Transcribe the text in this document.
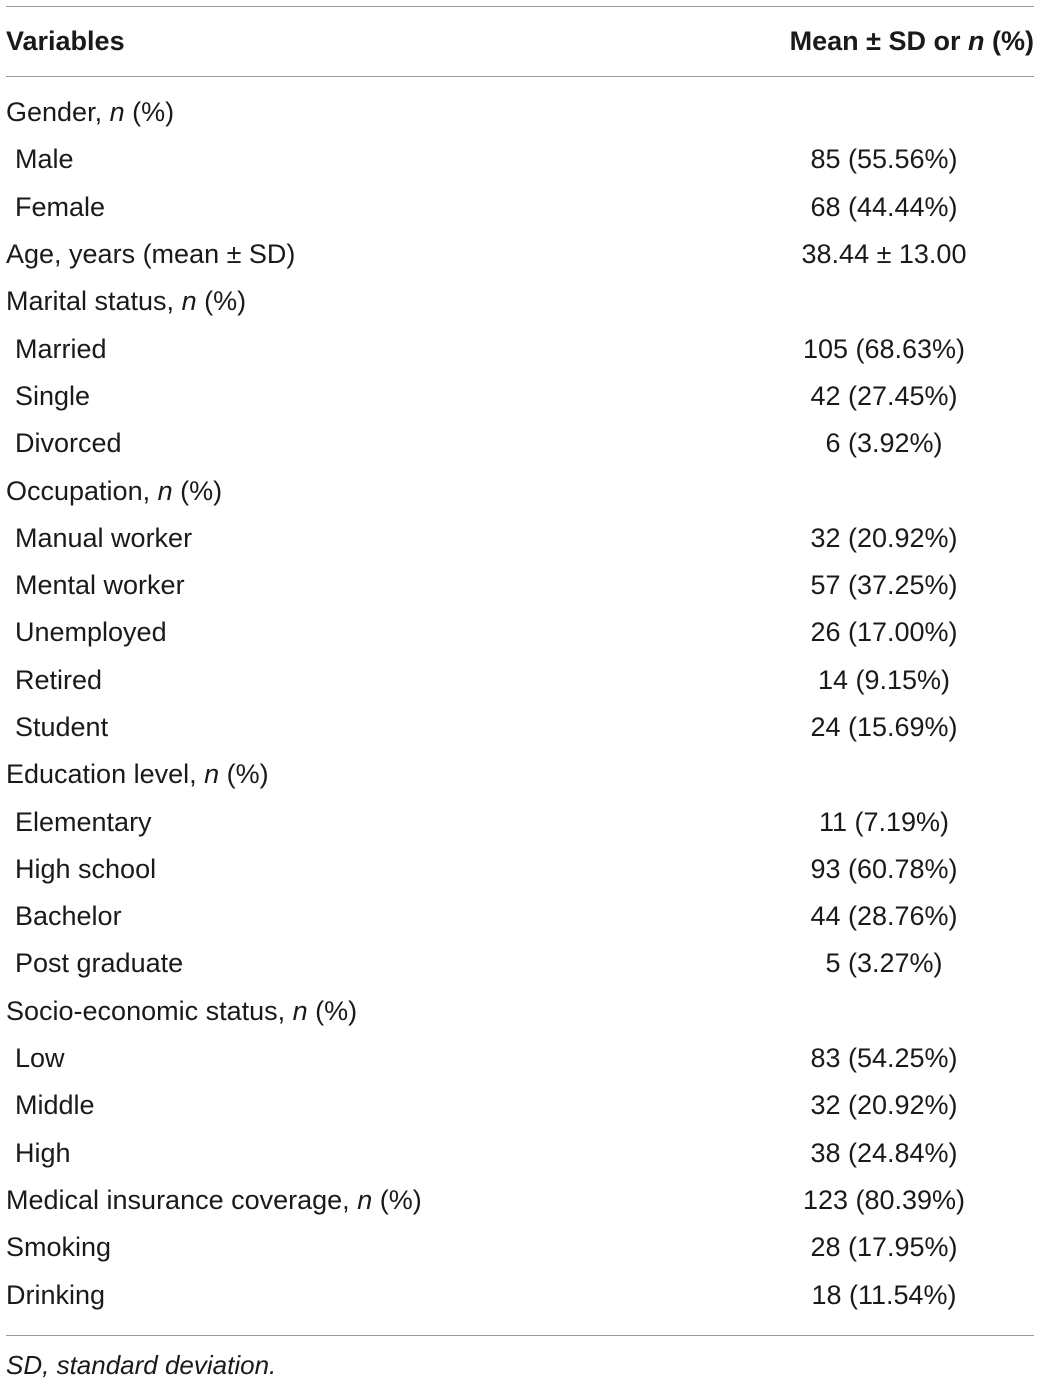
Variables	Mean ± SD or n (%)
Gender, n (%)
Male	85 (55.56%)
Female	68 (44.44%)
Age, years (mean ± SD)	38.44 ± 13.00
Marital status, n (%)
Married	105 (68.63%)
Single	42 (27.45%)
Divorced	6 (3.92%)
Occupation, n (%)
Manual worker	32 (20.92%)
Mental worker	57 (37.25%)
Unemployed	26 (17.00%)
Retired	14 (9.15%)
Student	24 (15.69%)
Education level, n (%)
Elementary	11 (7.19%)
High school	93 (60.78%)
Bachelor	44 (28.76%)
Post graduate	5 (3.27%)
Socio-economic status, n (%)
Low	83 (54.25%)
Middle	32 (20.92%)
High	38 (24.84%)
Medical insurance coverage, n (%)	123 (80.39%)
Smoking	28 (17.95%)
Drinking	18 (11.54%)
SD, standard deviation.
